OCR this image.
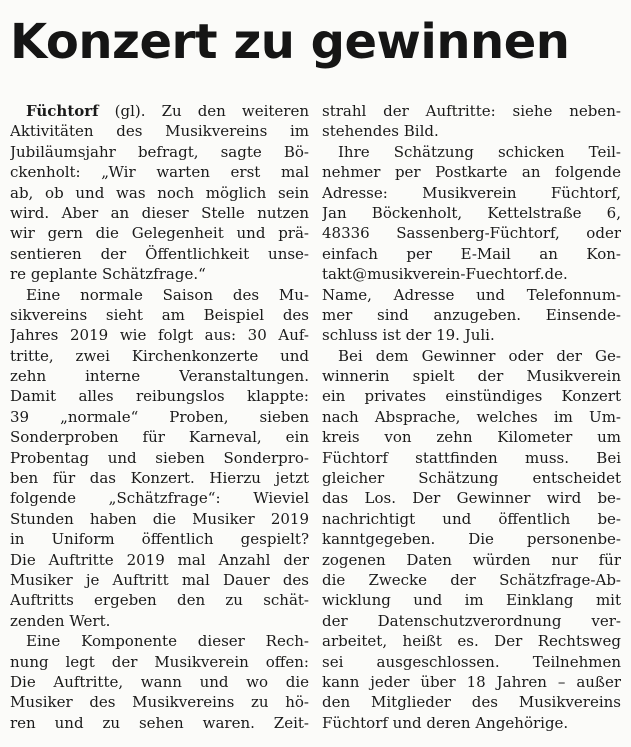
Konzert zu gewinnen
Füchtorf (gl). Zu den weiteren
Aktivitäten des Musikvereins im
Jubiläumsjahr befragt, sagte Bö-
ckenholt: „Wir warten erst mal
ab, ob und was noch möglich sein
wird. Aber an dieser Stelle nutzen
wir gern die Gelegenheit und prä-
sentieren der Öffentlichkeit unse-
re geplante Schätzfrage.“
Eine normale Saison des Mu-
sikvereins sieht am Beispiel des
Jahres 2019 wie folgt aus: 30 Auf-
tritte, zwei Kirchenkonzerte und
zehn interne Veranstaltungen.
Damit alles reibungslos klappte:
39 „normale“ Proben, sieben
Sonderproben für Karneval, ein
Probentag und sieben Sonderpro-
ben für das Konzert. Hierzu jetzt
folgende „Schätzfrage“: Wieviel
Stunden haben die Musiker 2019
in Uniform öffentlich gespielt?
Die Auftritte 2019 mal Anzahl der
Musiker je Auftritt mal Dauer des
Auftritts ergeben den zu schät-
zenden Wert.
Eine Komponente dieser Rech-
nung legt der Musikverein offen:
Die Auftritte, wann und wo die
Musiker des Musikvereins zu hö-
ren und zu sehen waren. Zeit-
strahl der Auftritte: siehe neben-
stehendes Bild.
Ihre Schätzung schicken Teil-
nehmer per Postkarte an folgende
Adresse: Musikverein Füchtorf,
Jan Böckenholt, Kettelstraße 6,
48336 Sassenberg-Füchtorf, oder
einfach per E-Mail an Kon-
takt@musikverein-Fuechtorf.de.
Name, Adresse und Telefonnum-
mer sind anzugeben. Einsende-
schluss ist der 19. Juli.
Bei dem Gewinner oder der Ge-
winnerin spielt der Musikverein
ein privates einstündiges Konzert
nach Absprache, welches im Um-
kreis von zehn Kilometer um
Füchtorf stattfinden muss. Bei
gleicher Schätzung entscheidet
das Los. Der Gewinner wird be-
nachrichtigt und öffentlich be-
kanntgegeben. Die personenbe-
zogenen Daten würden nur für
die Zwecke der Schätzfrage-Ab-
wicklung und im Einklang mit
der Datenschutzverordnung ver-
arbeitet, heißt es. Der Rechtsweg
sei ausgeschlossen. Teilnehmen
kann jeder über 18 Jahren – außer
den Mitglieder des Musikvereins
Füchtorf und deren Angehörige.
